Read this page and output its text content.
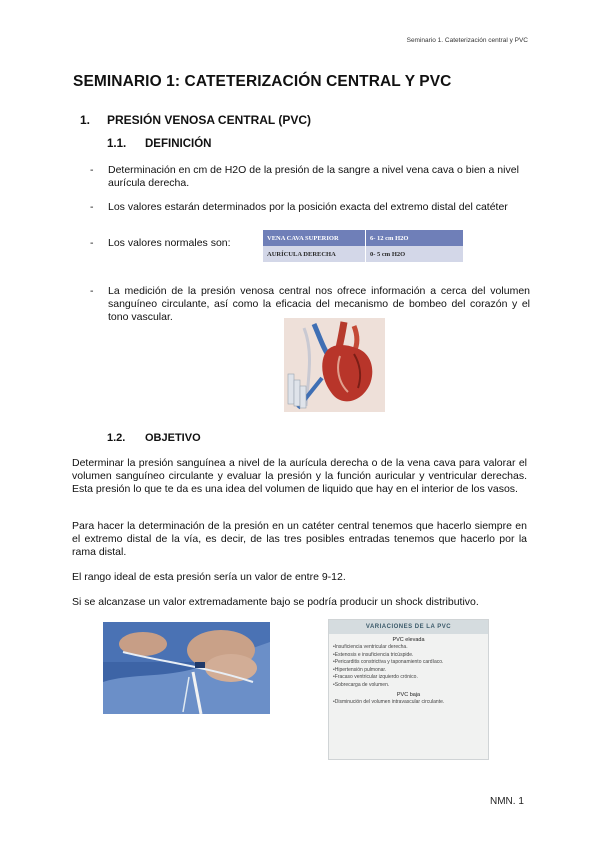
Seminario 1. Cateterización central y PVC
SEMINARIO 1: CATETERIZACIÓN CENTRAL Y PVC
1. PRESIÓN VENOSA CENTRAL (PVC)
1.1. DEFINICIÓN
- Determinación en cm de H2O de la presión de la sangre a nivel vena cava o bien a nivel aurícula derecha.
- Los valores estarán determinados por la posición exacta del extremo distal del catéter
- Los valores normales son:	VENA CAVA SUPERIOR	6- 12 cm H2O
AURÍCULA DERECHA	0- 5 cm H2O
- La medición de la presión venosa central nos ofrece información a cerca del volumen sanguíneo circulante, así como la eficacia del mecanismo de bombeo del corazón y el tono vascular.
1.2. OBJETIVO
Determinar la presión sanguínea a nivel de la aurícula derecha o de la vena cava para valorar el volumen sanguíneo circulante y evaluar la presión y la función auricular y ventricular derechas. Esta presión lo que te da es una idea del volumen de liquido que hay en el interior de los vasos.
Para hacer la determinación de la presión en un catéter central tenemos que hacerlo siempre en el extremo distal de la vía, es decir, de las tres posibles entradas tenemos que hacerlo por la rama distal.
El rango ideal de esta presión sería un valor de entre 9-12.
Si se alcanzase un valor extremadamente bajo se podría producir un shock distributivo.
VARIACIONES DE LA PVC
PVC elevada
• Insuficiencia ventricular derecha.
• Estenosis e insuficiencia tricúspide.
• Pericarditis constrictiva y taponamiento cardíaco.
• Hipertensión pulmonar.
• Fracaso ventricular izquierdo crónico.
• Sobrecarga de volumen.
PVC baja
• Disminución del volumen intravascular circulante.
NMN. 1
